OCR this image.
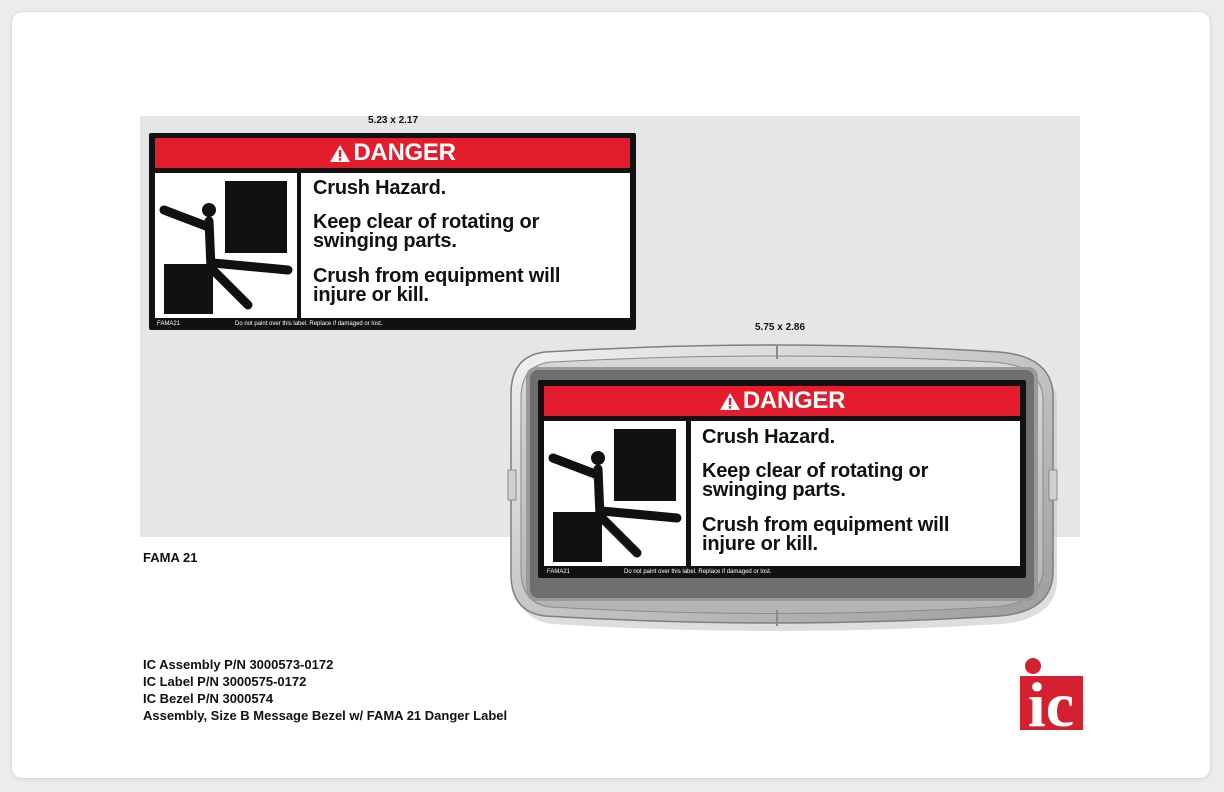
5.23 x 2.17
DANGER

Crush Hazard.

Keep clear of rotating or
swinging parts.

Crush from equipment will
injure or kill.

FAMA21	Do not paint over this label. Replace if damaged or lost.	5.75 x 2.86
DANGER

Crush Hazard.

Keep clear of rotating or
swinging parts.

Crush from equipment will
injure or kill.

FAMA21	Do not paint over this label. Replace if damaged or lost.
FAMA 21
IC Assembly P/N 3000573-0172
IC Label P/N 3000575-0172
IC Bezel P/N 3000574
Assembly, Size B Message Bezel w/ FAMA 21 Danger Label	ic
